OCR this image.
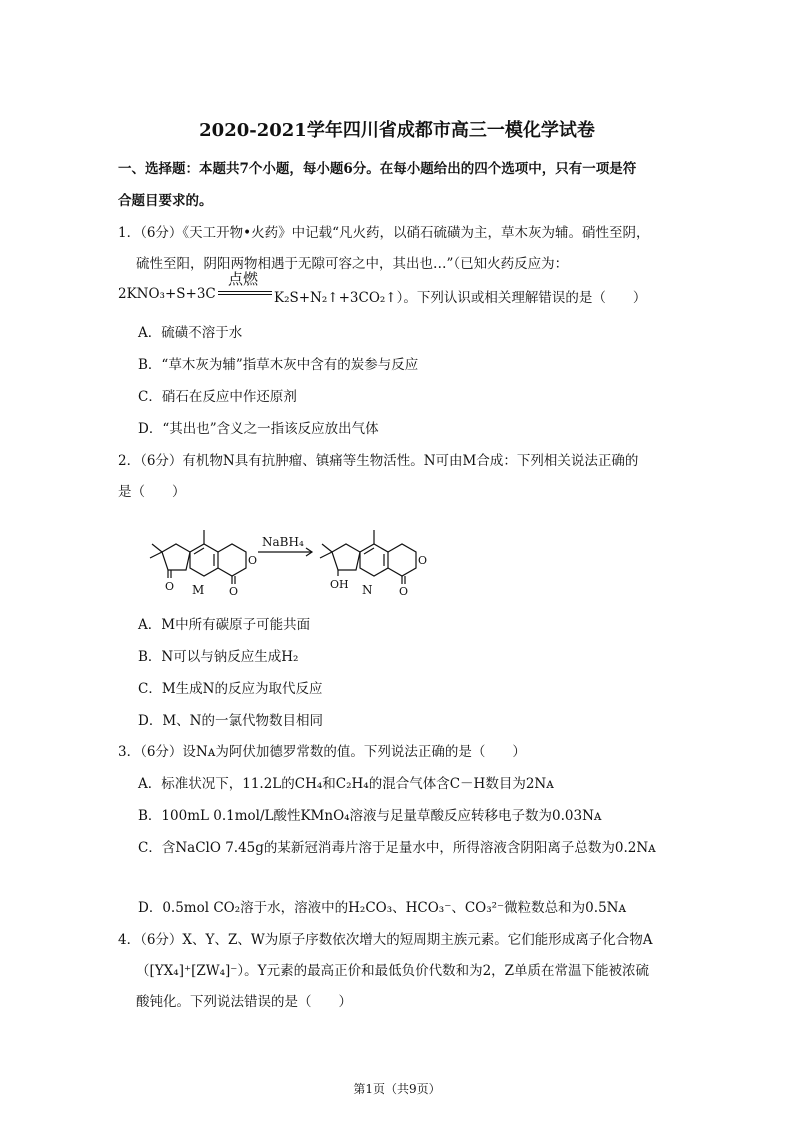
2020-2021学年四川省成都市高三一模化学试卷
一、选择题：本题共7个小题，每小题6分。在每小题给出的四个选项中，只有一项是符
合题目要求的。
1．（6分）《天工开物•火药》中记载“凡火药，以硝石硫磺为主，草木灰为辅。硝性至阴，
硫性至阳，阴阳两物相遇于无隙可容之中，其出也…”（已知火药反应为：
2KNO₃+S+3C
点燃
K₂S+N₂↑+3CO₂↑）。下列认识或相关理解错误的是（　　）
A．硫磺不溶于水
B．“草木灰为辅”指草木灰中含有的炭参与反应
C．硝石在反应中作还原剂
D．“其出也”含义之一指该反应放出气体
2．（6分）有机物N具有抗肿瘤、镇痛等生物活性。N可由M合成：下列相关说法正确的
是（　　）
NaBH₄
O
O
O
M	OH
O
O
N
A．M中所有碳原子可能共面
B．N可以与钠反应生成H₂
C．M生成N的反应为取代反应
D．M、N的一氯代物数目相同
3．（6分）设Nᴀ为阿伏加德罗常数的值。下列说法正确的是（　　）
A．标准状况下，11.2L的CH₄和C₂H₄的混合气体含C－H数目为2Nᴀ
B．100mL 0.1mol/L酸性KMnO₄溶液与足量草酸反应转移电子数为0.03Nᴀ
C．含NaClO 7.45g的某新冠消毒片溶于足量水中，所得溶液含阴阳离子总数为0.2Nᴀ
D．0.5mol CO₂溶于水，溶液中的H₂CO₃、HCO₃⁻、CO₃²⁻微粒数总和为0.5Nᴀ
4．（6分）X、Y、Z、W为原子序数依次增大的短周期主族元素。它们能形成离子化合物A
（[YX₄]⁺[ZW₄]⁻）。Y元素的最高正价和最低负价代数和为2，Z单质在常温下能被浓硫
酸钝化。下列说法错误的是（　　）
第1页（共9页）
